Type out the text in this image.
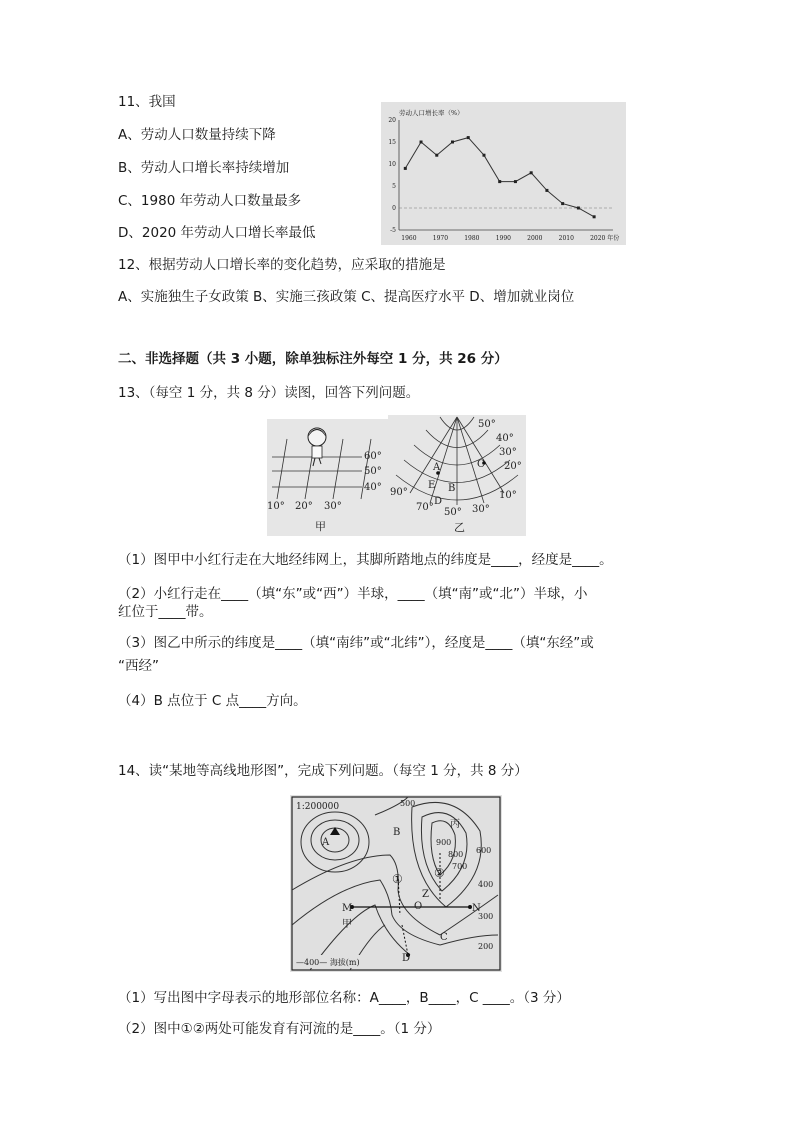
11、我国
A、劳动人口数量持续下降
B、劳动人口增长率持续增加
C、1980 年劳动人口数量最多
D、2020 年劳动人口增长率最低
劳动人口增长率（%）
20
15
10
5
0
-5
1960	1970	1980	1990	2000	2010	2020 年份
12、根据劳动人口增长率的变化趋势，应采取的措施是
A、实施独生子女政策 B、实施三孩政策 C、提高医疗水平 D、增加就业岗位
二、非选择题（共 3 小题，除单独标注外每空 1 分，共 26 分）
13、（每空 1 分，共 8 分）读图，回答下列问题。
60°
50°
40°
10° 20° 30°
甲
50°
40°
30°
20°
10°
90°
70° 50° 30°
A
E B
D
C
乙
（1）图甲中小红行走在大地经纬网上，其脚所踏地点的纬度是____，经度是____。
（2）小红行走在____（填“东”或“西”）半球，____（填“南”或“北”）半球，小
红位于____带。
（3）图乙中所示的纬度是____（填“南纬”或“北纬”），经度是____（填“东经”或
“西经”
（4）B 点位于 C 点____方向。
14、读“某地等高线地形图”，完成下列问题。（每空 1 分，共 8 分）
1:200000	500
900
800
700
600
400
300
200
丙
A
B
C
D
M	N
O
Z
甲
①	②
—400— 海拔(m)
（1）写出图中字母表示的地形部位名称：A____，B____，C ____。（3 分）
（2）图中①②两处可能发育有河流的是____。（1 分）
